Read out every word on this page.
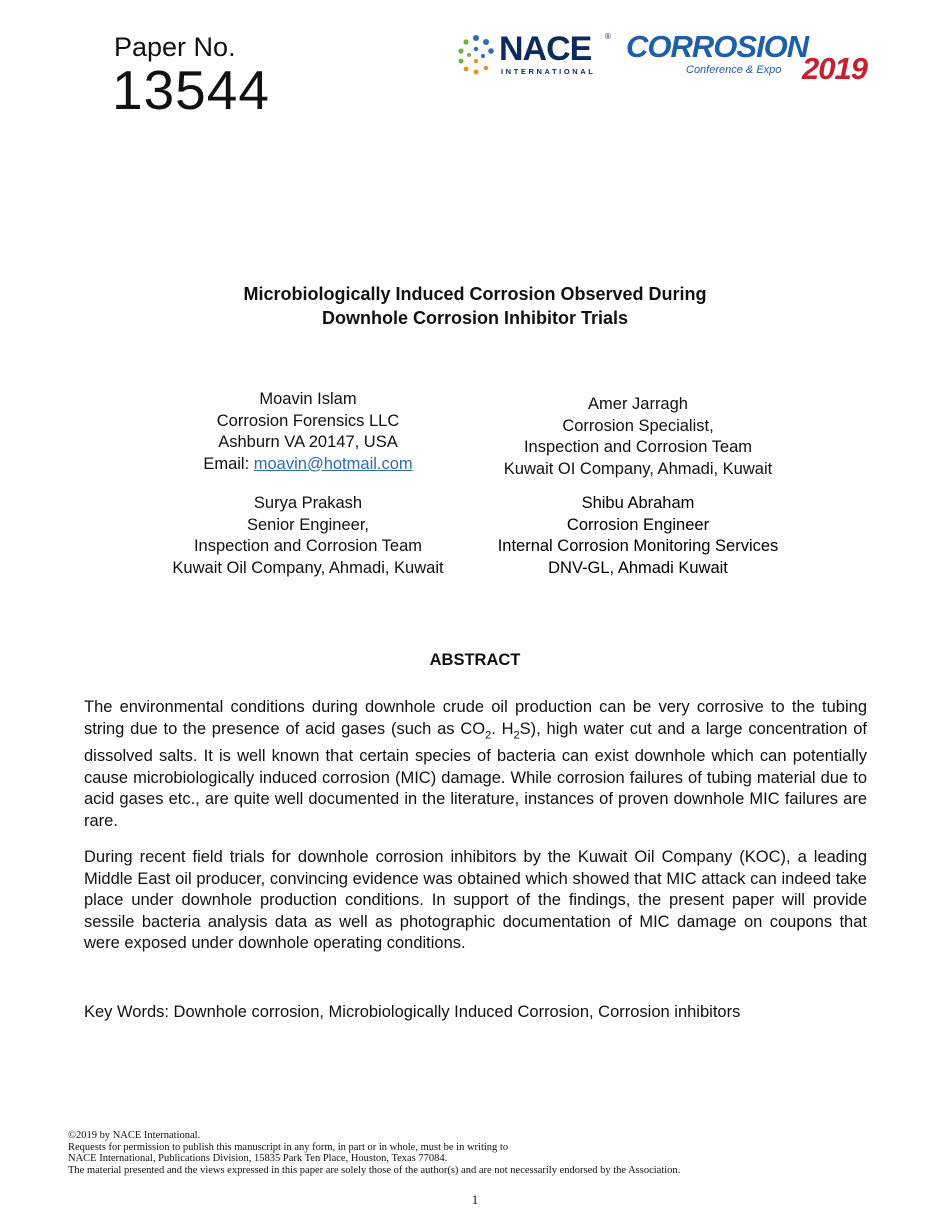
Paper No.
13544
NACE ®
INTERNATIONAL
CORROSION
Conference & Expo 2019
Microbiologically Induced Corrosion Observed During
Downhole Corrosion Inhibitor Trials
Moavin Islam
Corrosion Forensics LLC
Ashburn VA 20147, USA
Email: moavin@hotmail.com
Amer Jarragh
Corrosion Specialist,
Inspection and Corrosion Team
Kuwait OI Company, Ahmadi, Kuwait
Surya Prakash
Senior Engineer,
Inspection and Corrosion Team
Kuwait Oil Company, Ahmadi, Kuwait
Shibu Abraham
Corrosion Engineer
Internal Corrosion Monitoring Services
DNV-GL, Ahmadi Kuwait
ABSTRACT
The environmental conditions during downhole crude oil production can be very corrosive to the tubing string due to the presence of acid gases (such as $CO_2$. $H_2S$), high water cut and a large concentration of dissolved salts. It is well known that certain species of bacteria can exist downhole which can potentially cause microbiologically induced corrosion (MIC) damage. While corrosion failures of tubing material due to acid gases etc., are quite well documented in the literature, instances of proven downhole MIC failures are rare.
During recent field trials for downhole corrosion inhibitors by the Kuwait Oil Company (KOC), a leading Middle East oil producer, convincing evidence was obtained which showed that MIC attack can indeed take place under downhole production conditions. In support of the findings, the present paper will provide sessile bacteria analysis data as well as photographic documentation of MIC damage on coupons that were exposed under downhole operating conditions.
Key Words: Downhole corrosion, Microbiologically Induced Corrosion, Corrosion inhibitors
©2019 by NACE International.
Requests for permission to publish this manuscript in any form, in part or in whole, must be in writing to
NACE International, Publications Division, 15835 Park Ten Place, Houston, Texas 77084.
The material presented and the views expressed in this paper are solely those of the author(s) and are not necessarily endorsed by the Association.
1
